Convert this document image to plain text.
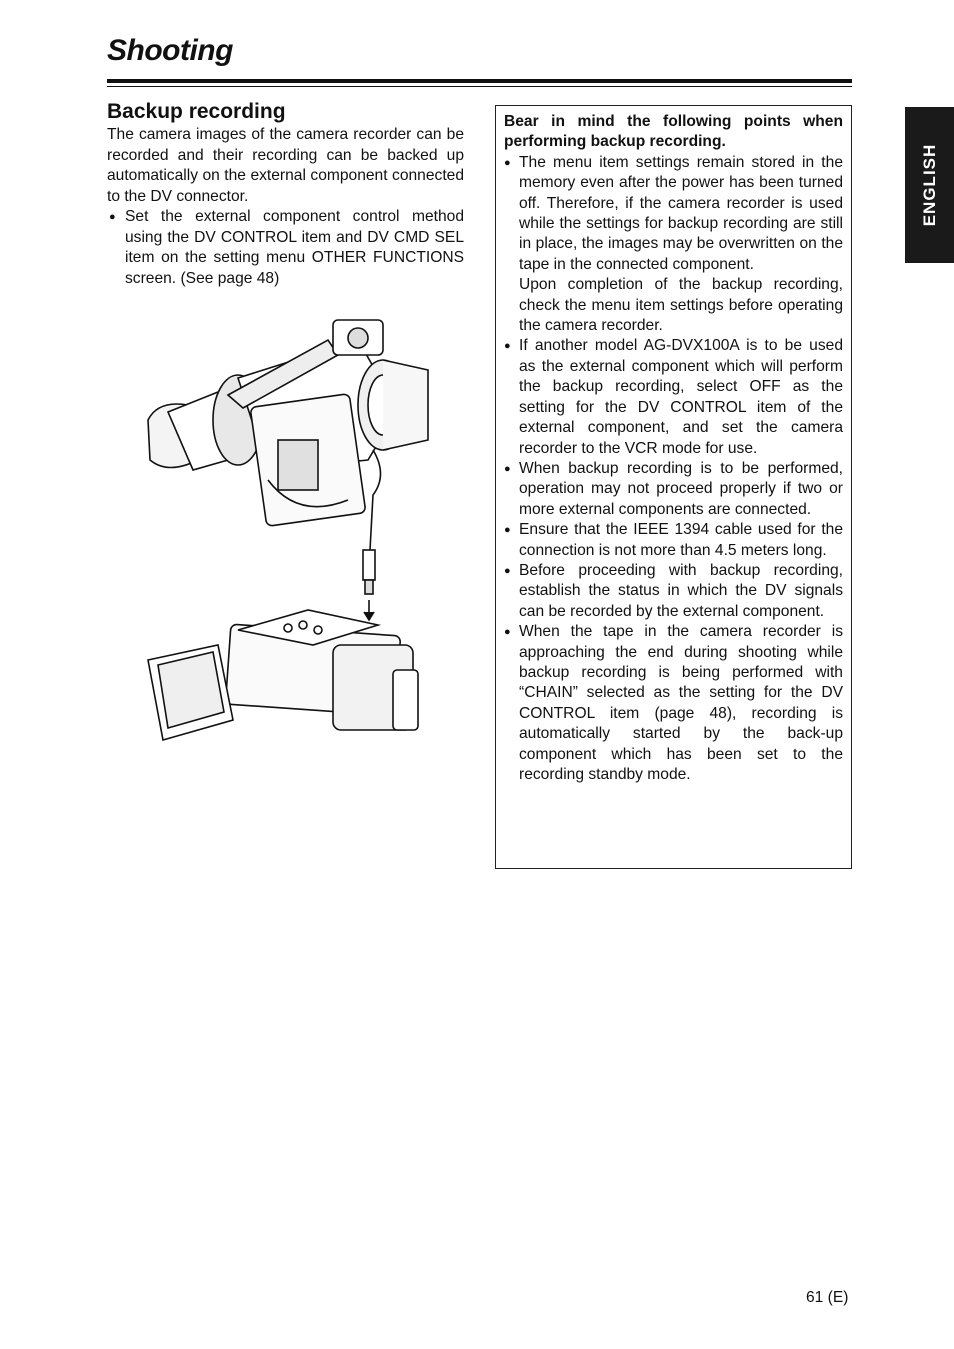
Shooting
Backup recording

The camera images of the camera recorder can be recorded and their recording can be backed up automatically on the external component connected to the DV connector.

● Set the external component control method using the DV CONTROL item and DV CMD SEL item on the setting menu OTHER FUNCTIONS screen. (See page 48)

Bear in mind the following points when performing backup recording.

● The menu item settings remain stored in the memory even after the power has been turned off. Therefore, if the camera recorder is used while the settings for backup recording are still in place, the images may be overwritten on the tape in the connected component.

Upon completion of the backup recording, check the menu item settings before operating the camera recorder.

● If another model AG-DVX100A is to be used as the external component which will perform the backup recording, select OFF as the setting for the DV CONTROL item of the external component, and set the camera recorder to the VCR mode for use.

● When backup recording is to be performed, operation may not proceed properly if two or more external components are connected.

● Ensure that the IEEE 1394 cable used for the connection is not more than 4.5 meters long.

● Before proceeding with backup recording, establish the status in which the DV signals can be recorded by the external component.

● When the tape in the camera recorder is approaching the end during shooting while backup recording is being performed with “CHAIN” selected as the setting for the DV CONTROL item (page 48), recording is automatically started by the back-up component which has been set to the recording standby mode.

ENGLISH
61 (E)
